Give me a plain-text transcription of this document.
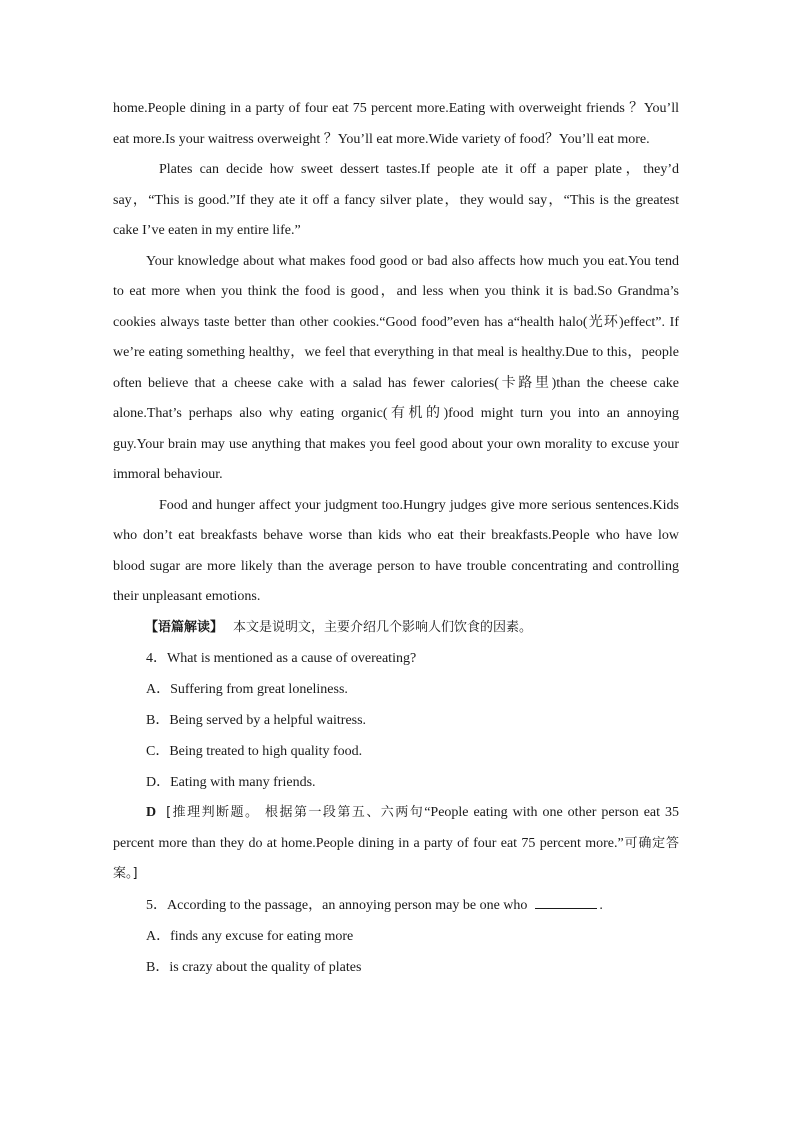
home.People dining in a party of four eat 75 percent more.Eating with overweight friends ？You’ll eat more.Is your waitress overweight ？You’ll eat more.Wide variety of food？You’ll eat more.

Plates can decide how sweet dessert tastes.If people ate it off a paper plate，they’d say，“This is good.”If they ate it off a fancy silver plate，they would say，“This is the greatest cake I’ve eaten in my entire life.”

Your knowledge about what makes food good or bad also affects how much you eat.You tend to eat more when you think the food is good，and less when you think it is bad.So Grandma’s cookies always taste better than other cookies.“Good food”even has a“health halo(光环)effect”. If we’re eating something healthy，we feel that everything in that meal is healthy.Due to this，people often believe that a cheese cake with a salad has fewer calories(卡路里)than the cheese cake alone.That’s perhaps also why eating organic(有机的)food might turn you into an annoying guy.Your brain may use anything that makes you feel good about your own morality to excuse your immoral behaviour.

Food and hunger affect your judgment too.Hungry judges give more serious sentences.Kids who don’t eat breakfasts behave worse than kids who eat their breakfasts.People who have low blood sugar are more likely than the average person to have trouble concentrating and controlling their unpleasant emotions.

【语篇解读】 本文是说明文，主要介绍几个影响人们饮食的因素。

4．What is mentioned as a cause of overeating?

A．Suffering from great loneliness.

B．Being served by a helpful waitress.

C．Being treated to high quality food.

D．Eating with many friends.

D [推理判断题。 根据第一段第五、六两句“People eating with one other person eat 35 percent more than they do at home.People dining in a party of four eat 75 percent more.”可确定答案。]

5．According to the passage，an annoying person may be one who	.

A．finds any excuse for eating more

B．is crazy about the quality of plates
